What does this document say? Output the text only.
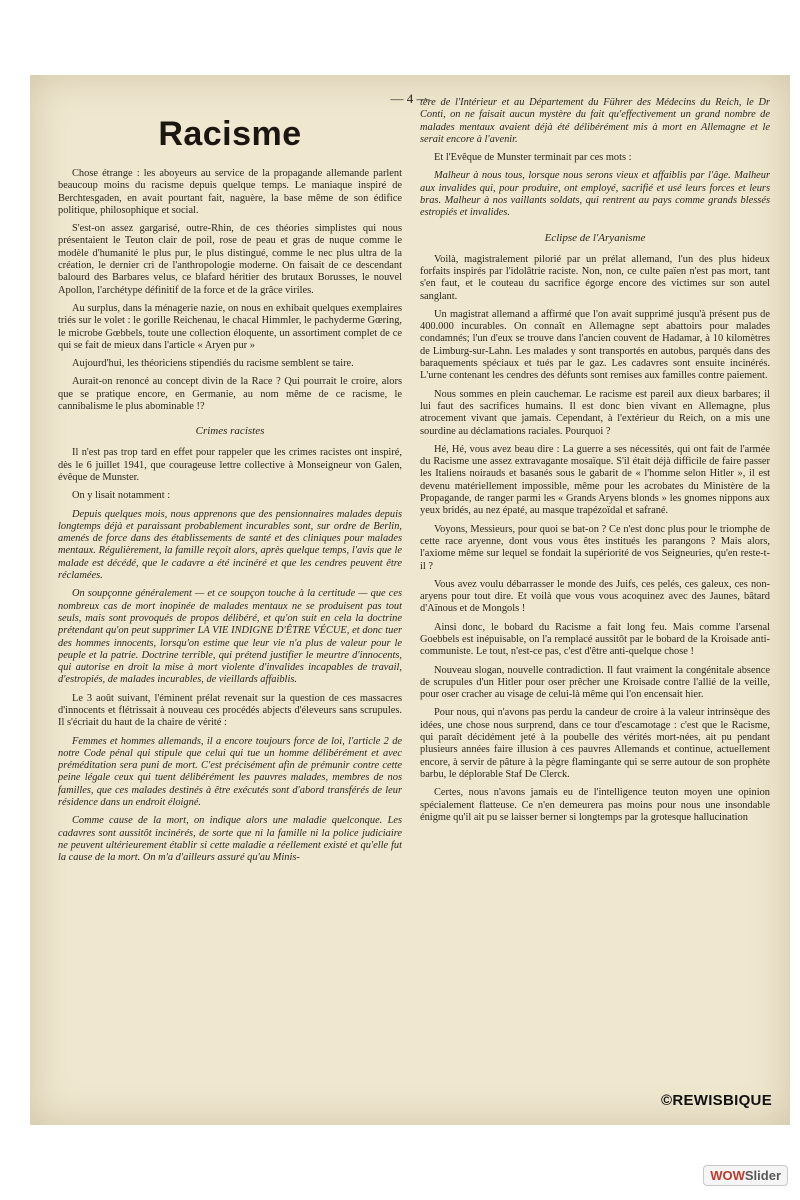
— 4 —
Racisme

Chose étrange : les aboyeurs au service de la propagande allemande parlent beaucoup moins du racisme depuis quelque temps. Le maniaque inspiré de Berchtesgaden, en avait pourtant fait, naguère, la base même de son édifice politique, philosophique et social.

S'est-on assez gargarisé, outre-Rhin, de ces théories simplistes qui nous présentaient le Teuton clair de poil, rose de peau et gras de nuque comme le modèle d'humanité le plus pur, le plus distingué, comme le nec plus ultra de la création, le dernier cri de l'anthropologie moderne. On faisait de ce descendant balourd des Barbares velus, ce blafard héritier des brutaux Borusses, le nouvel Apollon, l'archétype définitif de la force et de la grâce viriles.

Au surplus, dans la ménagerie nazie, on nous en exhibait quelques exemplaires triés sur le volet : le gorille Reichenau, le chacal Himmler, le pachyderme Gœring, le microbe Gœbbels, toute une collection éloquente, un assortiment complet de ce qui se fait de mieux dans l'article « Aryen pur »

Aujourd'hui, les théoriciens stipendiés du racisme semblent se taire.

Aurait-on renoncé au concept divin de la Race ? Qui pourrait le croire, alors que se pratique encore, en Germanie, au nom même de ce racisme, le cannibalisme le plus abominable !?

Crimes racistes

Il n'est pas trop tard en effet pour rappeler que les crimes racistes ont inspiré, dès le 6 juillet 1941, que courageuse lettre collective à Monseigneur von Galen, évêque de Munster.

On y lisait notamment :

Depuis quelques mois, nous apprenons que des pensionnaires malades depuis longtemps déjà et paraissant probablement incurables sont, sur ordre de Berlin, amenés de force dans des établissements de santé et des cliniques pour malades mentaux. Régulièrement, la famille reçoit alors, après quelque temps, l'avis que le malade est décédé, que le cadavre a été incinéré et que les cendres peuvent être réclamées.

On soupçonne généralement — et ce soupçon touche à la certitude — que ces nombreux cas de mort inopinée de malades mentaux ne se produisent pas tout seuls, mais sont provoqués de propos délibéré, et qu'on suit en cela la doctrine prétendant qu'on peut supprimer LA VIE INDIGNE D'ÊTRE VÉCUE, et donc tuer des hommes innocents, lorsqu'on estime que leur vie n'a plus de valeur pour le peuple et la patrie. Doctrine terrible, qui prétend justifier le meurtre d'innocents, qui autorise en droit la mise à mort violente d'invalides incapables de travail, d'estropiés, de malades incurables, de vieillards affaiblis.

Le 3 août suivant, l'éminent prélat revenait sur la question de ces massacres d'innocents et flétrissait à nouveau ces procédés abjects d'éleveurs sans scrupules. Il s'écriait du haut de la chaire de vérité :

Femmes et hommes allemands, il a encore toujours force de loi, l'article 2 de notre Code pénal qui stipule que celui qui tue un homme délibérément et avec préméditation sera puni de mort. C'est précisément afin de prémunir contre cette peine légale ceux qui tuent délibérément les pauvres malades, membres de nos familles, que ces malades destinés à être exécutés sont d'abord transférés de leur résidence dans un endroit éloigné.

Comme cause de la mort, on indique alors une maladie quelconque. Les cadavres sont aussitôt incinérés, de sorte que ni la famille ni la police judiciaire ne peuvent ultérieurement établir si cette maladie a réellement existé et qu'elle fut la cause de la mort. On m'a d'ailleurs assuré qu'au Minis-

tère de l'Intérieur et au Département du Führer des Médecins du Reich, le Dr Conti, on ne faisait aucun mystère du fait qu'effectivement un grand nombre de malades mentaux avaient déjà été délibérément mis à mort en Allemagne et le serait encore à l'avenir.

Et l'Evêque de Munster terminait par ces mots :

Malheur à nous tous, lorsque nous serons vieux et affaiblis par l'âge. Malheur aux invalides qui, pour produire, ont employé, sacrifié et usé leurs forces et leurs bras. Malheur à nos vaillants soldats, qui rentrent au pays comme grands blessés estropiés et invalides.

Eclipse de l'Aryanisme

Voilà, magistralement pilorié par un prélat allemand, l'un des plus hideux forfaits inspirés par l'idolâtrie raciste. Non, non, ce culte païen n'est pas mort, tant s'en faut, et le couteau du sacrifice égorge encore des victimes sur son autel sanglant.

Un magistrat allemand a affirmé que l'on avait supprimé jusqu'à présent pus de 400.000 incurables. On connaît en Allemagne sept abattoirs pour malades condamnés; l'un d'eux se trouve dans l'ancien couvent de Hadamar, à 10 kilomètres de Limburg-sur-Lahn. Les malades y sont transportés en autobus, parqués dans des baraquements spéciaux et tués par le gaz. Les cadavres sont ensuite incinérés. L'urne contenant les cendres des défunts sont remises aux familles contre paiement.

Nous sommes en plein cauchemar. Le racisme est pareil aux dieux barbares; il lui faut des sacrifices humains. Il est donc bien vivant en Allemagne, plus atrocement vivant que jamais. Cependant, à l'extérieur du Reich, on a mis une sourdine au déclamations raciales. Pourquoi ?

Hé, Hé, vous avez beau dire : La guerre a ses nécessités, qui ont fait de l'armée du Racisme une assez extravagante mosaïque. S'il était déjà difficile de faire passer les Italiens noirauds et basanés sous le gabarit de « l'homme selon Hitler », il est devenu matériellement impossible, même pour les acrobates du Ministère de la Propagande, de ranger parmi les « Grands Aryens blonds » les gnomes nippons aux yeux bridés, au nez épaté, au masque trapézoïdal et safrané.

Voyons, Messieurs, pour quoi se bat-on ? Ce n'est donc plus pour le triomphe de cette race aryenne, dont vous vous êtes institués les parangons ? Mais alors, l'axiome même sur lequel se fondait la supériorité de vos Seigneuries, qu'en reste-t-il ?

Vous avez voulu débarrasser le monde des Juifs, ces pelés, ces galeux, ces non-aryens pour tout dire. Et voilà que vous vous acoquinez avec des Jaunes, bâtard d'Aïnous et de Mongols !

Ainsi donc, le bobard du Racisme a fait long feu. Mais comme l'arsenal Goebbels est inépuisable, on l'a remplacé aussitôt par le bobard de la Kroisade anti-communiste. Le tout, n'est-ce pas, c'est d'être anti-quelque chose !

Nouveau slogan, nouvelle contradiction. Il faut vraiment la congénitale absence de scrupules d'un Hitler pour oser prêcher une Kroisade contre l'allié de la veille, pour oser cracher au visage de celui-là même qui l'on encensait hier.

Pour nous, qui n'avons pas perdu la candeur de croire à la valeur intrinsèque des idées, une chose nous surprend, dans ce tour d'escamotage : c'est que le Racisme, qui paraît décidément jeté à la poubelle des vérités mort-nées, ait pu pendant plusieurs années faire illusion à ces pauvres Allemands et continue, actuellement encore, à servir de pâture à la pègre flamingante qui se serre autour de son prophète barbu, le déplorable Staf De Clerck.

Certes, nous n'avons jamais eu de l'intelligence teuton moyen une opinion spécialement flatteuse. Ce n'en demeurera pas moins pour nous une insondable énigme qu'il ait pu se laisser berner si longtemps par la grotesque hallucination

©REWISBIQUE
WOWSlider
